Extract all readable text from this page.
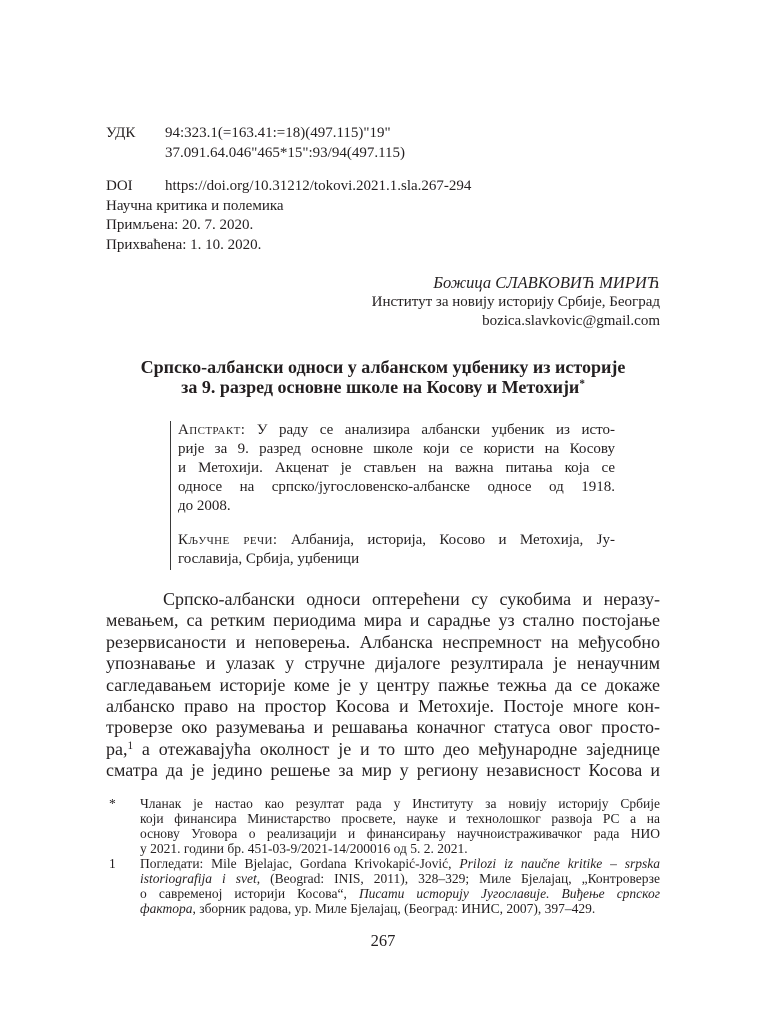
УДК 94:323.1(=163.41:=18)(497.115)"19"
37.091.64.046"465*15":93/94(497.115)
DOI https://doi.org/10.31212/tokovi.2021.1.sla.267-294
Научна критика и полемика
Примљена: 20. 7. 2020.
Прихваћена: 1. 10. 2020.
Божица СЛАВКОВИЋ МИРИЋ
Институт за новију историју Србије, Београд
bozica.slavkovic@gmail.com
Српско-албански односи у албанском уџбенику из историје
за 9. разред основне школе на Косову и Метохији*
Апстракт: У раду се анализира албански уџбеник из исто-
рије за 9. разред основне школе који се користи на Косову
и Метохији. Акценат је стављен на важна питања која се
односе на српско/југословенско-албанске односе од 1918.
до 2008.
Кључне речи: Албанија, историја, Косово и Метохија, Ју-
гославија, Србија, уџбеници
Српско-албански односи оптерећени су сукобима и неразу-
мевањем, са ретким периодима мира и сарадње уз стално постојање
резервисаности и неповерења. Албанска неспремност на међусобно
упознавање и улазак у стручне дијалоге резултирала је ненаучним
сагледавањем историје коме је у центру пажње тежња да се докаже
албанско право на простор Косова и Метохије. Постоје многе кон-
троверзе око разумевања и решавања коначног статуса овог просто-
ра,$^1$ а отежавајућа околност је и то што део међународне заједнице
сматра да је једино решење за мир у региону независност Косова и
* Чланак је настао као резултат рада у Институту за новију историју Србије
који финансира Министарство просвете, науке и технолошког развоја РС а на
основу Уговора о реализацији и финансирању научноистраживачког рада НИО
у 2021. години бр. 451-03-9/2021-14/200016 од 5. 2. 2021.
1 Погледати: Mile Bjelajac, Gordana Krivokapić-Jović, Prilozi iz naučne kritike – srpska
istoriografija i svet, (Beograd: INIS, 2011), 328–329; Миле Бјелајац, „Контроверзе
о савременој историји Косова“, Писати историју Југославије. Виђење српског
фактора, зборник радова, ур. Миле Бјелајац, (Београд: ИНИС, 2007), 397–429.
267
